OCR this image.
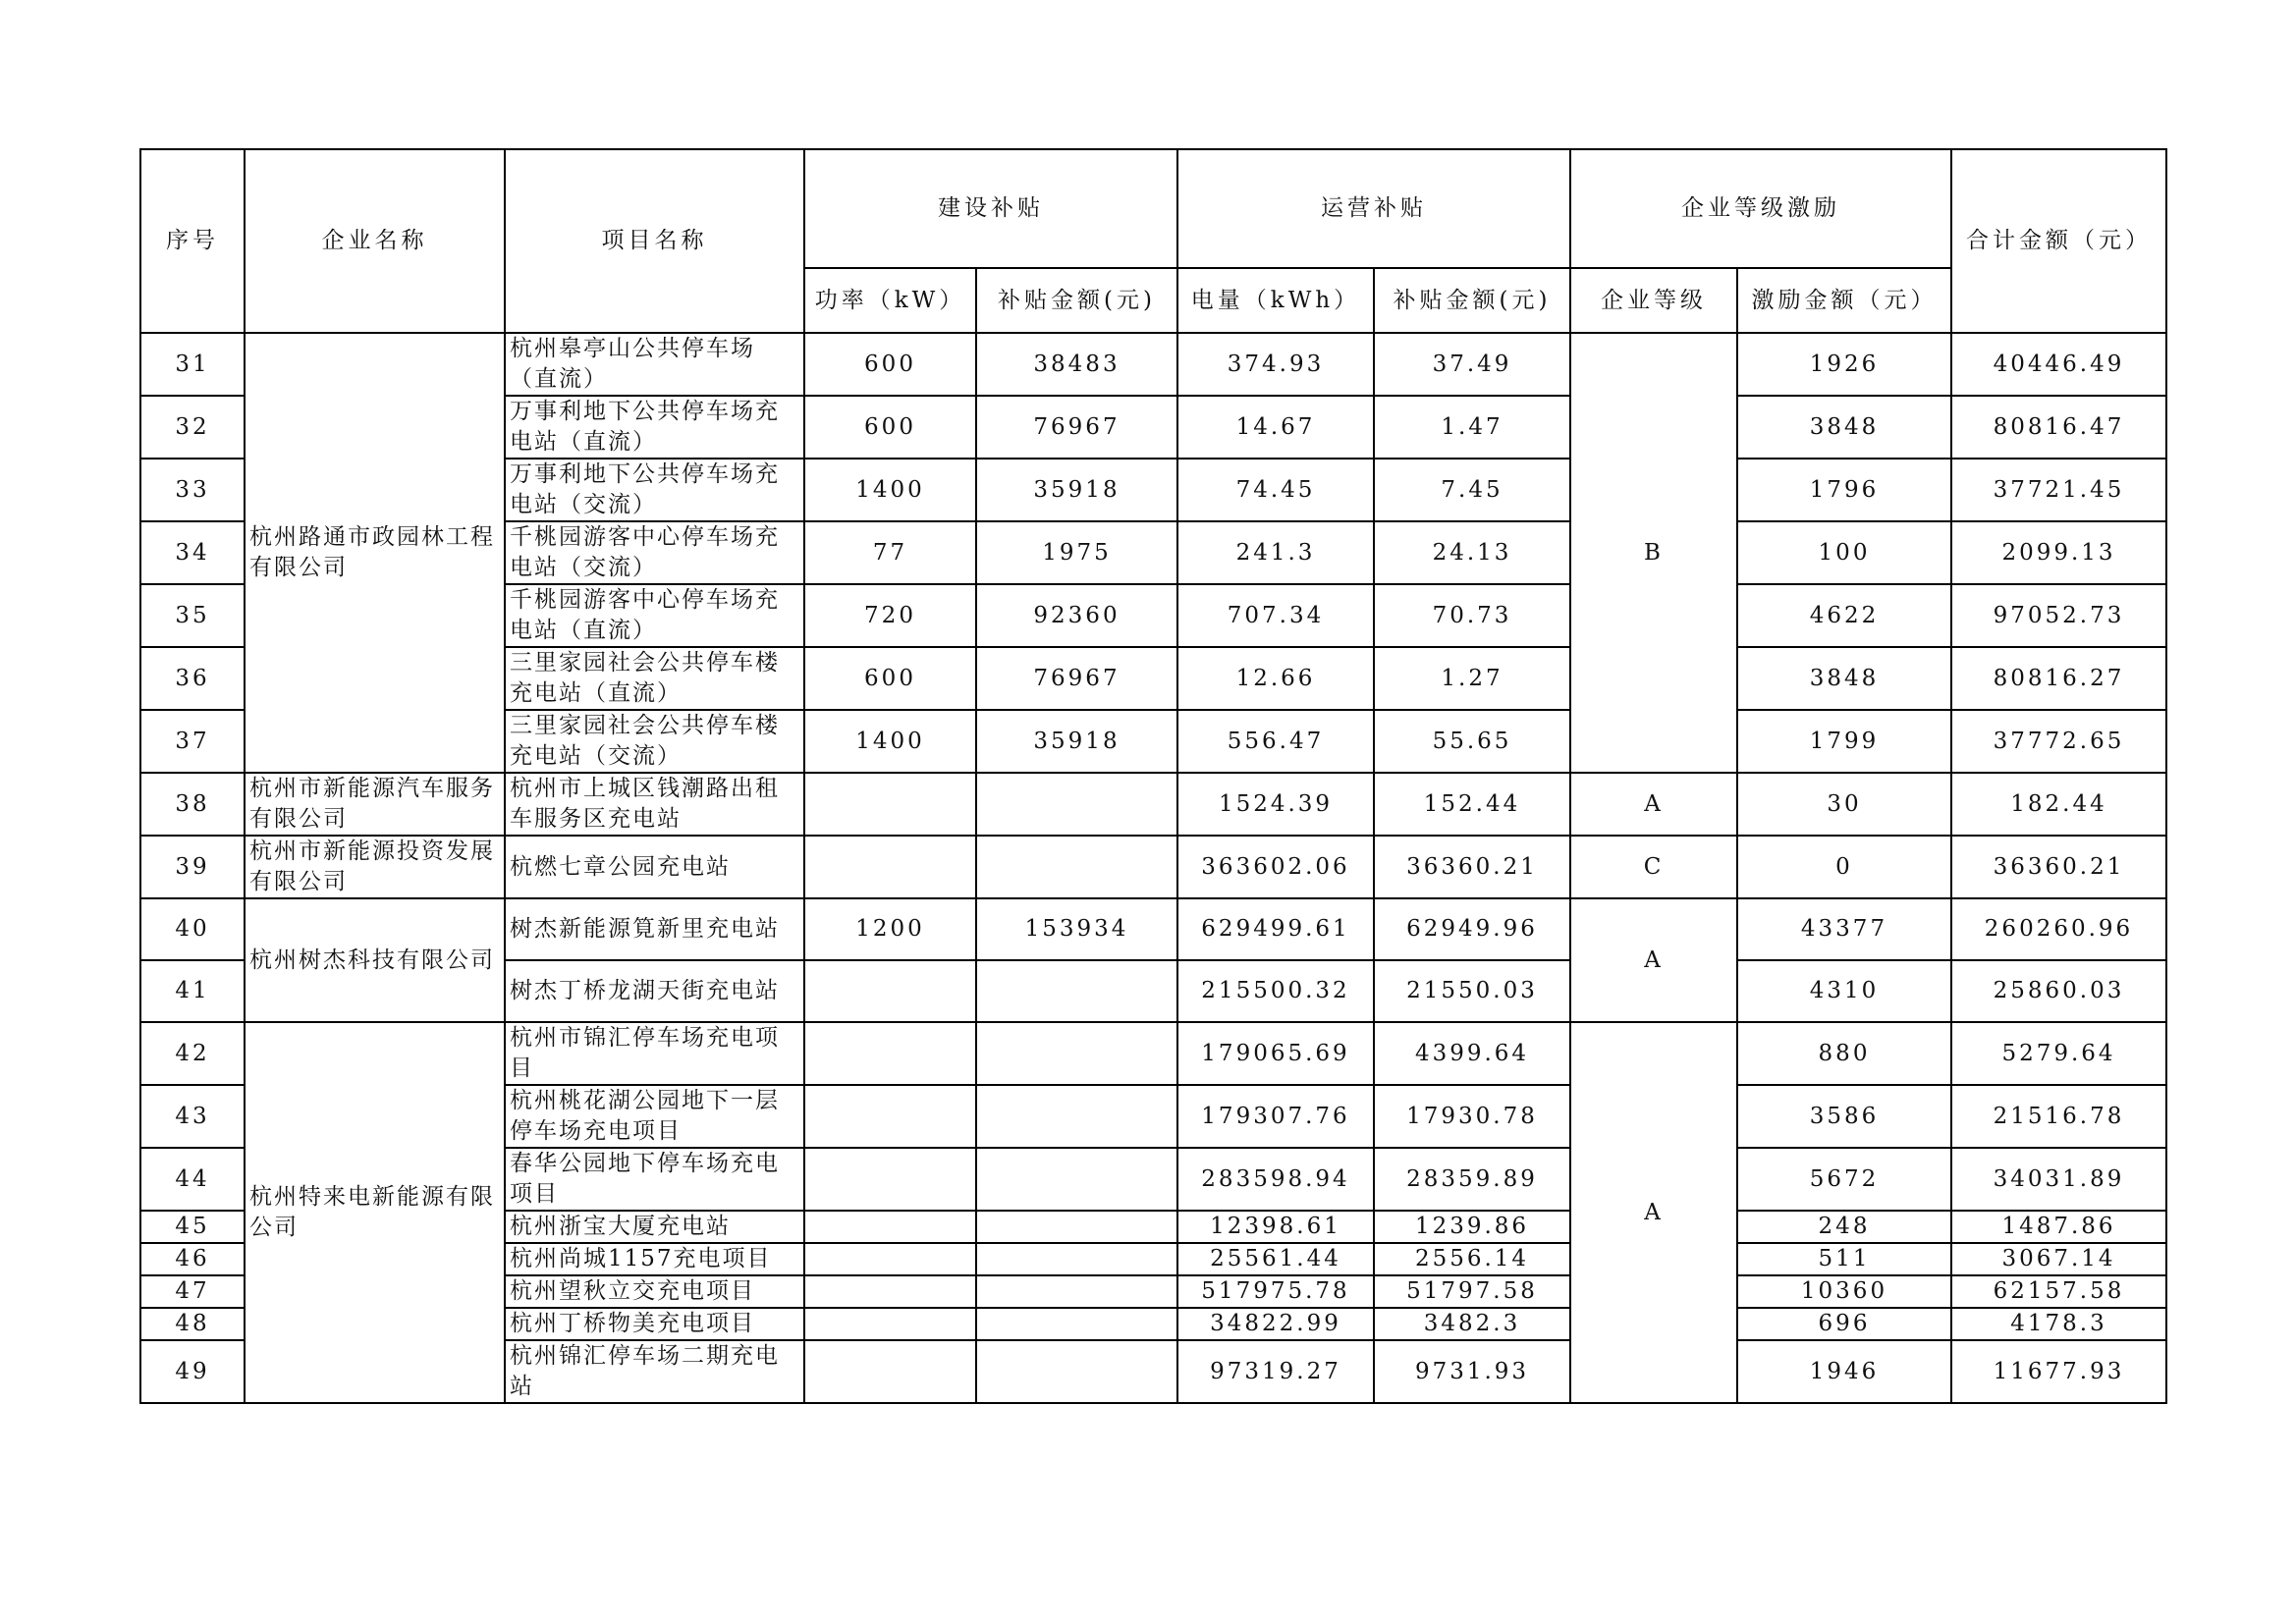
序号	企业名称	项目名称	建设补贴		运营补贴		企业等级激励		合计金额（元）
			功率（kW）	补贴金额(元)	电量（kWh）	补贴金额(元)	企业等级	激励金额（元）	
31	杭州路通市政园林工程有限公司	杭州皋亭山公共停车场（直流）	600	38483	374.93	37.49	B	1926	40446.49
32		万事利地下公共停车场充电站（直流）	600	76967	14.67	1.47		3848	80816.47
33		万事利地下公共停车场充电站（交流）	1400	35918	74.45	7.45		1796	37721.45
34		千桃园游客中心停车场充电站（交流）	77	1975	241.3	24.13		100	2099.13
35		千桃园游客中心停车场充电站（直流）	720	92360	707.34	70.73		4622	97052.73
36		三里家园社会公共停车楼充电站（直流）	600	76967	12.66	1.27		3848	80816.27
37		三里家园社会公共停车楼充电站（交流）	1400	35918	556.47	55.65		1799	37772.65
38	杭州市新能源汽车服务有限公司	杭州市上城区钱潮路出租车服务区充电站			1524.39	152.44	A	30	182.44
39	杭州市新能源投资发展有限公司	杭燃七章公园充电站			363602.06	36360.21	C	0	36360.21
40	杭州树杰科技有限公司	树杰新能源筧新里充电站	1200	153934	629499.61	62949.96	A	43377	260260.96
41		树杰丁桥龙湖天街充电站			215500.32	21550.03		4310	25860.03
42	杭州特来电新能源有限公司	杭州市锦汇停车场充电项目			179065.69	4399.64	A	880	5279.64
43		杭州桃花湖公园地下一层停车场充电项目			179307.76	17930.78		3586	21516.78
44		春华公园地下停车场充电项目			283598.94	28359.89		5672	34031.89
45		杭州浙宝大厦充电站			12398.61	1239.86		248	1487.86
46		杭州尚城1157充电项目			25561.44	2556.14		511	3067.14
47		杭州望秋立交充电项目			517975.78	51797.58		10360	62157.58
48		杭州丁桥物美充电项目			34822.99	3482.3		696	4178.3
49		杭州锦汇停车场二期充电站			97319.27	9731.93		1946	11677.93
